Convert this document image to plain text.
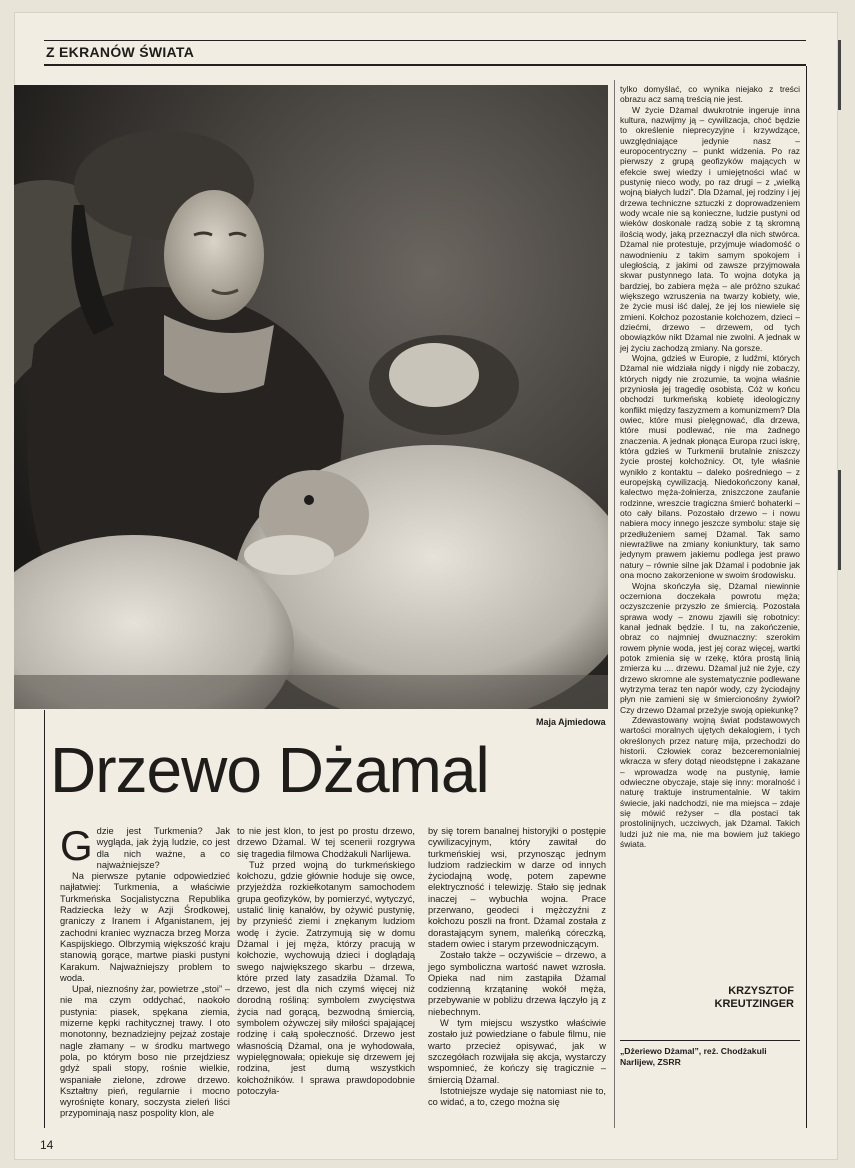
Z EKRANÓW ŚWIATA
Maja Ajmiedowa
Drzewo Dżamal

Gdzie jest Turkmenia? Jak wygląda, jak żyją ludzie, co jest dla nich ważne, a co najważniejsze?

Na pierwsze pytanie odpowiedzieć najłatwiej: Turkmenia, a właściwie Turkmeńska Socjalistyczna Republika Radziecka leży w Azji Środkowej, graniczy z Iranem i Afganistanem, jej zachodni kraniec wyznacza brzeg Morza Kaspijskiego. Olbrzymią większość kraju stanowią gorące, martwe piaski pustyni Karakum. Najważniejszy problem to woda.

Upał, nieznośny żar, powietrze „stoi” – nie ma czym oddychać, naokoło pustynia: piasek, spękana ziemia, mizerne kępki rachitycznej trawy. I oto monotonny, beznadziejny pejzaż zostaje nagle złamany – w środku martwego pola, po którym boso nie przejdziesz gdyż spali stopy, rośnie wielkie, wspaniałe zielone, zdrowe drzewo. Kształtny pień, regularnie i mocno wyrośnięte konary, soczysta zieleń liści przypominają nasz pospolity klon, ale

to nie jest klon, to jest po prostu drzewo, drzewo Dżamal. W tej scenerii rozgrywa się tragedia filmowa Chodżakuli Narlijewa.

Tuż przed wojną do turkmeńskiego kołchozu, gdzie głównie hoduje się owce, przyjeżdża rozkiełkotanym samochodem grupa geofizyków, by pomierzyć, wytyczyć, ustalić linię kanałów, by ożywić pustynię, by przynieść ziemi i znękanym ludziom wodę i życie. Zatrzymują się w domu Dżamal i jej męża, którzy pracują w kołchozie, wychowują dzieci i doglądają swego największego skarbu – drzewa, które przed laty zasadziła Dżamal. To drzewo, jest dla nich czymś więcej niż dorodną rośliną: symbolem zwycięstwa życia nad gorącą, bezwodną śmiercią, symbolem ożywczej siły miłości spajającej rodzinę i całą społeczność. Drzewo jest własnością Dżamal, ona je wyhodowała, wypielęgnowała; opiekuje się drzewem jej rodzina, jest dumą wszystkich kołchoźników. I sprawa prawdopodobnie potoczyła-

by się torem banalnej historyjki o postępie cywilizacyjnym, który zawitał do turkmeńskiej wsi, przynosząc jednym ludziom radzieckim w darze od innych życiodajną wodę, potem zapewne elektryczność i telewizję. Stało się jednak inaczej – wybuchła wojna. Prace przerwano, geodeci i mężczyźni z kołchozu poszli na front. Dżamal została z dorastającym synem, maleńką córeczką, stadem owiec i starym przewodniczącym.

Zostało także – oczywiście – drzewo, a jego symboliczna wartość nawet wzrosła. Opieka nad nim zastąpiła Dżamal codzienną krzątaninę wokół męża, przebywanie w pobliżu drzewa łączyło ją z niebechnym.

W tym miejscu wszystko właściwie zostało już powiedziane o fabule filmu, nie warto przecież opisywać, jak w szczegółach rozwijała się akcja, wystarczy wspomnieć, że kończy się tragicznie – śmiercią Dżamal.

Istotniejsze wydaje się natomiast nie to, co widać, a to, czego można się

tylko domyślać, co wynika niejako z treści obrazu acz samą treścią nie jest.

W życie Dżamal dwukrotnie ingeruje inna kultura, nazwijmy ją – cywilizacja, choć będzie to określenie nieprecyzyjne i krzywdzące, uwzględniające jedynie nasz – europocentryczny – punkt widzenia. Po raz pierwszy z grupą geofizyków mających w efekcie swej wiedzy i umiejętności wlać w pustynię nieco wody, po raz drugi – z „wielką wojną białych ludzi”. Dla Dżamal, jej rodziny i jej drzewa techniczne sztuczki z doprowadzeniem wody wcale nie są konieczne, ludzie pustyni od wieków doskonale radzą sobie z tą skromną ilością wody, jaką przeznaczył dla nich stwórca. Dżamal nie protestuje, przyjmuje wiadomość o nawodnieniu z takim samym spokojem i uległością, z jakimi od zawsze przyjmowała skwar pustynnego lata. To wojna dotyka ją bardziej, bo zabiera męża – ale próżno szukać większego wzruszenia na twarzy kobiety, wie, że życie musi iść dalej, że jej los niewiele się zmieni. Kołchoz pozostanie kołchozem, dzieci – dziećmi, drzewo – drzewem, od tych obowiązków nikt Dżamal nie zwolni. A jednak w jej życiu zachodzą zmiany. Na gorsze.

Wojna, gdzieś w Europie, z ludźmi, których Dżamal nie widziała nigdy i nigdy nie zobaczy, których nigdy nie zrozumie, ta wojna właśnie przyniosła jej tragedię osobistą. Cóż w końcu obchodzi turkmeńską kobietę ideologiczny konflikt między faszyzmem a komunizmem? Dla owiec, które musi pielęgnować, dla drzewa, które musi podlewać, nie ma żadnego znaczenia. A jednak płonąca Europa rzuci iskrę, która gdzieś w Turkmenii brutalnie zniszczy życie prostej kołchoźnicy. Ot, tyle właśnie wynikło z kontaktu – daleko pośredniego – z europejską cywilizacją. Niedokończony kanał, kalectwo męża-żołnierza, zniszczone zaufanie rodzinne, wreszcie tragiczna śmierć bohaterki – oto cały bilans. Pozostało drzewo – i nowu nabiera mocy innego jeszcze symbolu: staje się przedłużeniem samej Dżamal. Tak samo niewrażliwe na zmiany koniunktury, tak samo jedynym prawem jakiemu podlega jest prawo natury – równie silne jak Dżamal i podobnie jak ona mocno zakorzenione w swoim środowisku.

Wojna skończyła się, Dżamal niewinnie oczerniona doczekała powrotu męża; oczyszczenie przyszło ze śmiercią. Pozostała sprawa wody – znowu zjawili się robotnicy: kanał jednak będzie. I tu, na zakończenie, obraz co najmniej dwuznaczny: szerokim rowem płynie woda, jest jej coraz więcej, wartki potok zmienia się w rzekę, która prostą linią zmierza ku .... drzewu. Dżamal już nie żyje, czy drzewo skromne ale systematycznie podlewane wytrzyma teraz ten napór wody, czy życiodajny płyn nie zamieni się w śmiercionośny żywioł? Czy drzewo Dżamal przeżyje swoją opiekunkę?

Zdewastowany wojną świat podstawowych wartości moralnych ujętych dekalogiem, i tych określonych przez naturę mija, przechodzi do historii. Człowiek coraz bezceremonialniej wkracza w sfery dotąd nieodstępne i zakazane – wprowadza wodę na pustynię, łamie odwieczne obyczaje, staje się inny: moralność i naturę traktuje instrumentalnie. W takim świecie, jaki nadchodzi, nie ma miejsca – zdaje się mówić reżyser – dla postaci tak prostolinijnych, uczciwych, jak Dżamal. Takich ludzi już nie ma, nie ma bowiem już takiego świata.

KRZYSZTOF
KREUTZINGER
„Dżeriewo Dżamal”, reż. Chodżakuli Narlijew, ZSRR
14
